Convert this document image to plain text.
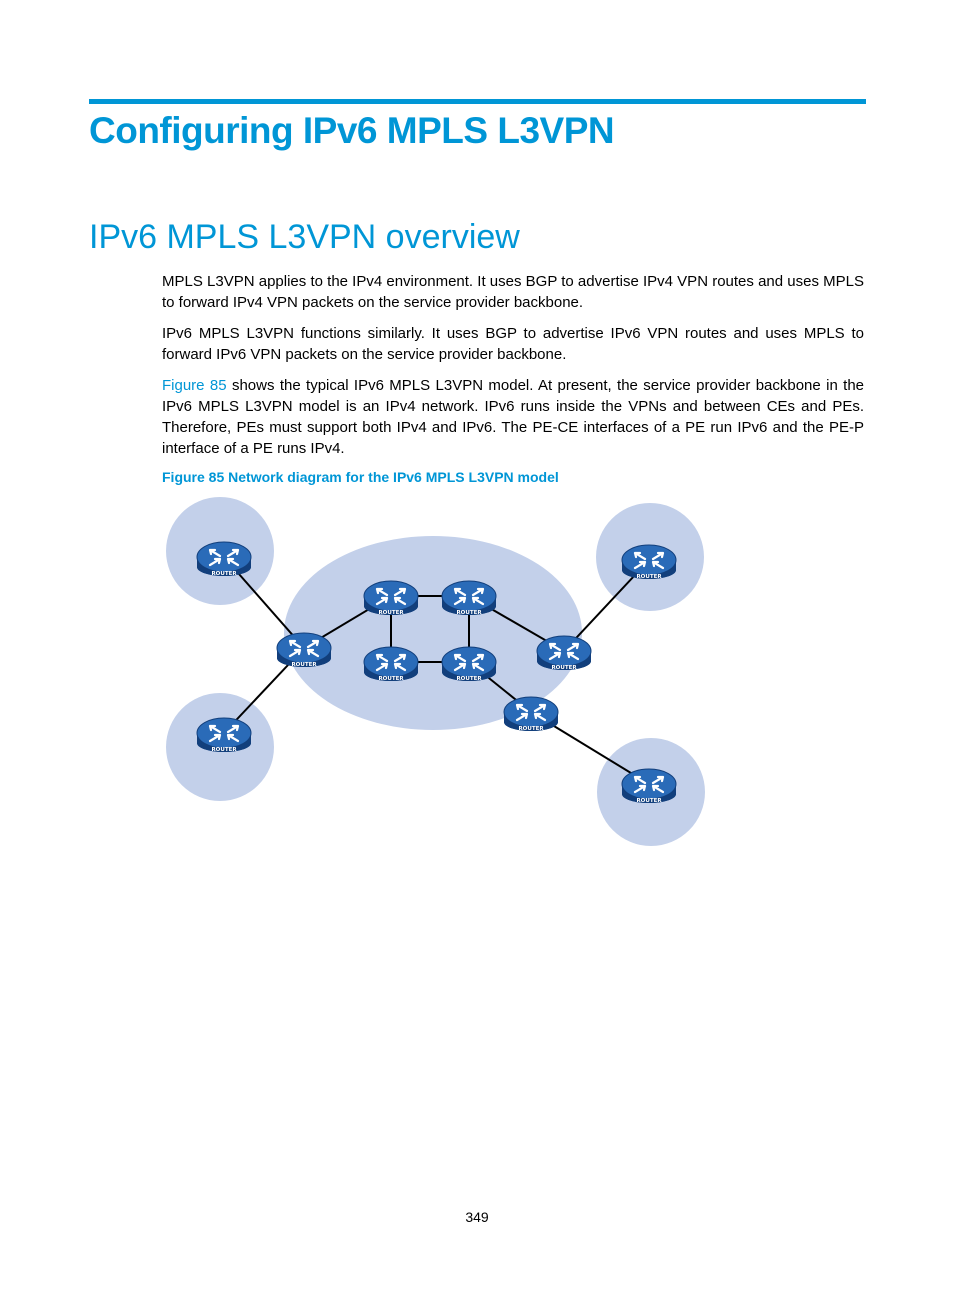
Configuring IPv6 MPLS L3VPN
IPv6 MPLS L3VPN overview

MPLS L3VPN applies to the IPv4 environment. It uses BGP to advertise IPv4 VPN routes and uses MPLS to forward IPv4 VPN packets on the service provider backbone.

IPv6 MPLS L3VPN functions similarly. It uses BGP to advertise IPv6 VPN routes and uses MPLS to forward IPv6 VPN packets on the service provider backbone.

Figure 85 shows the typical IPv6 MPLS L3VPN model. At present, the service provider backbone in the IPv6 MPLS L3VPN model is an IPv4 network. IPv6 runs inside the VPNs and between CEs and PEs. Therefore, PEs must support both IPv4 and IPv6. The PE-CE interfaces of a PE run IPv6 and the PE-P interface of a PE runs IPv4.

Figure 85 Network diagram for the IPv6 MPLS L3VPN model

ROUTER
ROUTER
ROUTER
ROUTER
ROUTER	ROUTER
ROUTER
ROUTER	ROUTER
ROUTER	ROUTER
349
